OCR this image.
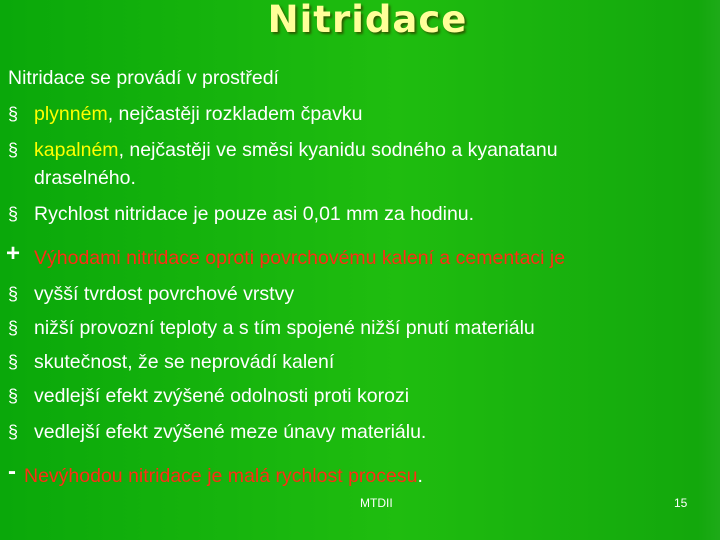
Nitridace
Nitridace se provádí v prostředí
§ plynném, nejčastěji rozkladem čpavku
§ kapalném, nejčastěji ve směsi kyanidu sodného a kyanatanu
draselného.
§ Rychlost nitridace je pouze asi 0,01 mm za hodinu.
+ Výhodami nitridace oproti povrchovému kalení a cementaci je
§ vyšší tvrdost povrchové vrstvy
§ nižší provozní teploty a s tím spojené nižší pnutí materiálu
§ skutečnost, že se neprovádí kalení
§ vedlejší efekt zvýšené odolnosti proti korozi
§ vedlejší efekt zvýšené meze únavy materiálu.
- Nevýhodou nitridace je malá rychlost procesu.
MTDII	15
